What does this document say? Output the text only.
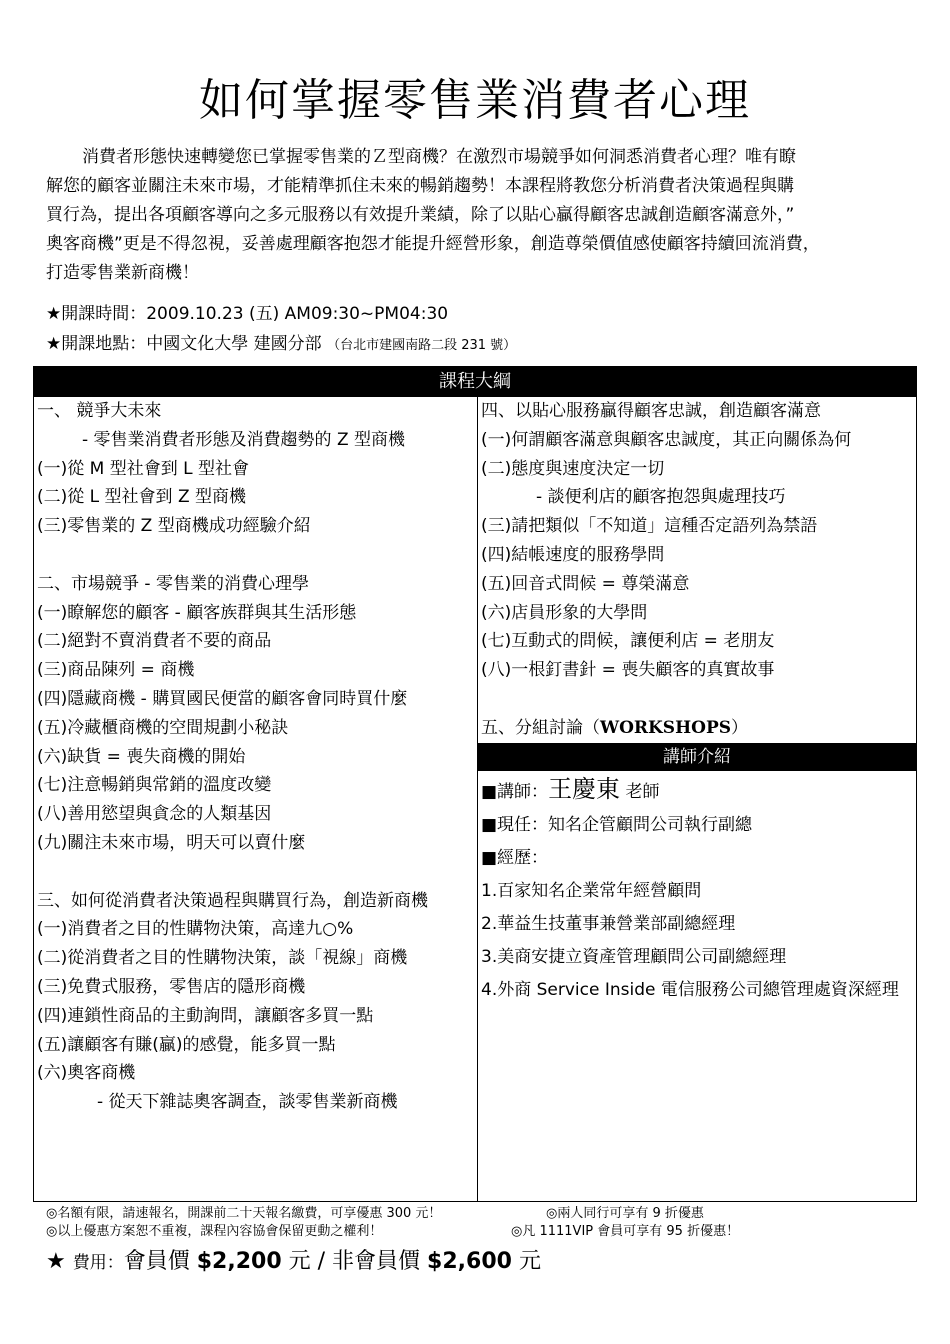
如何掌握零售業消費者心理
消費者形態快速轉變您已掌握零售業的Ｚ型商機？在激烈市場競爭如何洞悉消費者心理？唯有瞭
解您的顧客並關注未來市場，才能精準抓住未來的暢銷趨勢！本課程將教您分析消費者決策過程與購
買行為，提出各項顧客導向之多元服務以有效提升業績，除了以貼心贏得顧客忠誠創造顧客滿意外，”
奧客商機”更是不得忽視，妥善處理顧客抱怨才能提升經營形象，創造尊榮價值感使顧客持續回流消費，
打造零售業新商機！
★開課時間：2009.10.23 (五) AM09:30~PM04:30
★開課地點：中國文化大學 建國分部 （台北市建國南路二段 231 號）
課程大綱
一、 競爭大未來
- 零售業消費者形態及消費趨勢的 Z 型商機
(一)從 M 型社會到 L 型社會
(二)從 L 型社會到 Z 型商機
(三)零售業的 Z 型商機成功經驗介紹
二、市場競爭 - 零售業的消費心理學
(一)瞭解您的顧客 - 顧客族群與其生活形態
(二)絕對不賣消費者不要的商品
(三)商品陳列 = 商機
(四)隱藏商機 - 購買國民便當的顧客會同時買什麼
(五)冷藏櫃商機的空間規劃小秘訣
(六)缺貨 = 喪失商機的開始
(七)注意暢銷與常銷的溫度改變
(八)善用慾望與貪念的人類基因
(九)關注未來市場，明天可以賣什麼
三、如何從消費者決策過程與購買行為，創造新商機
(一)消費者之目的性購物決策，高達九○%
(二)從消費者之目的性購物決策，談「視線」商機
(三)免費式服務，零售店的隱形商機
(四)連鎖性商品的主動詢問，讓顧客多買一點
(五)讓顧客有賺(贏)的感覺，能多買一點
(六)奧客商機
- 從天下雜誌奧客調查，談零售業新商機
四、以貼心服務贏得顧客忠誠，創造顧客滿意
(一)何謂顧客滿意與顧客忠誠度，其正向關係為何
(二)態度與速度決定一切
- 談便利店的顧客抱怨與處理技巧
(三)請把類似「不知道」這種否定語列為禁語
(四)結帳速度的服務學問
(五)回音式問候 = 尊榮滿意
(六)店員形象的大學問
(七)互動式的問候，讓便利店 = 老朋友
(八)一根釘書針 = 喪失顧客的真實故事
五、分組討論（WORKSHOPS）
講師介紹
■講師：王慶東 老師
■現任：知名企管顧問公司執行副總
■經歷：
1.百家知名企業常年經營顧問
2.華益生技董事兼營業部副總經理
3.美商安捷立資產管理顧問公司副總經理
4.外商 Service Inside 電信服務公司總管理處資深經理
◎名額有限，請速報名，開課前二十天報名繳費，可享優惠 300 元！	◎兩人同行可享有 9 折優惠
◎以上優惠方案恕不重複，課程內容協會保留更動之權利！	◎凡 1111VIP 會員可享有 95 折優惠！
★ 費用：會員價 $2,200 元 / 非會員價 $2,600 元
